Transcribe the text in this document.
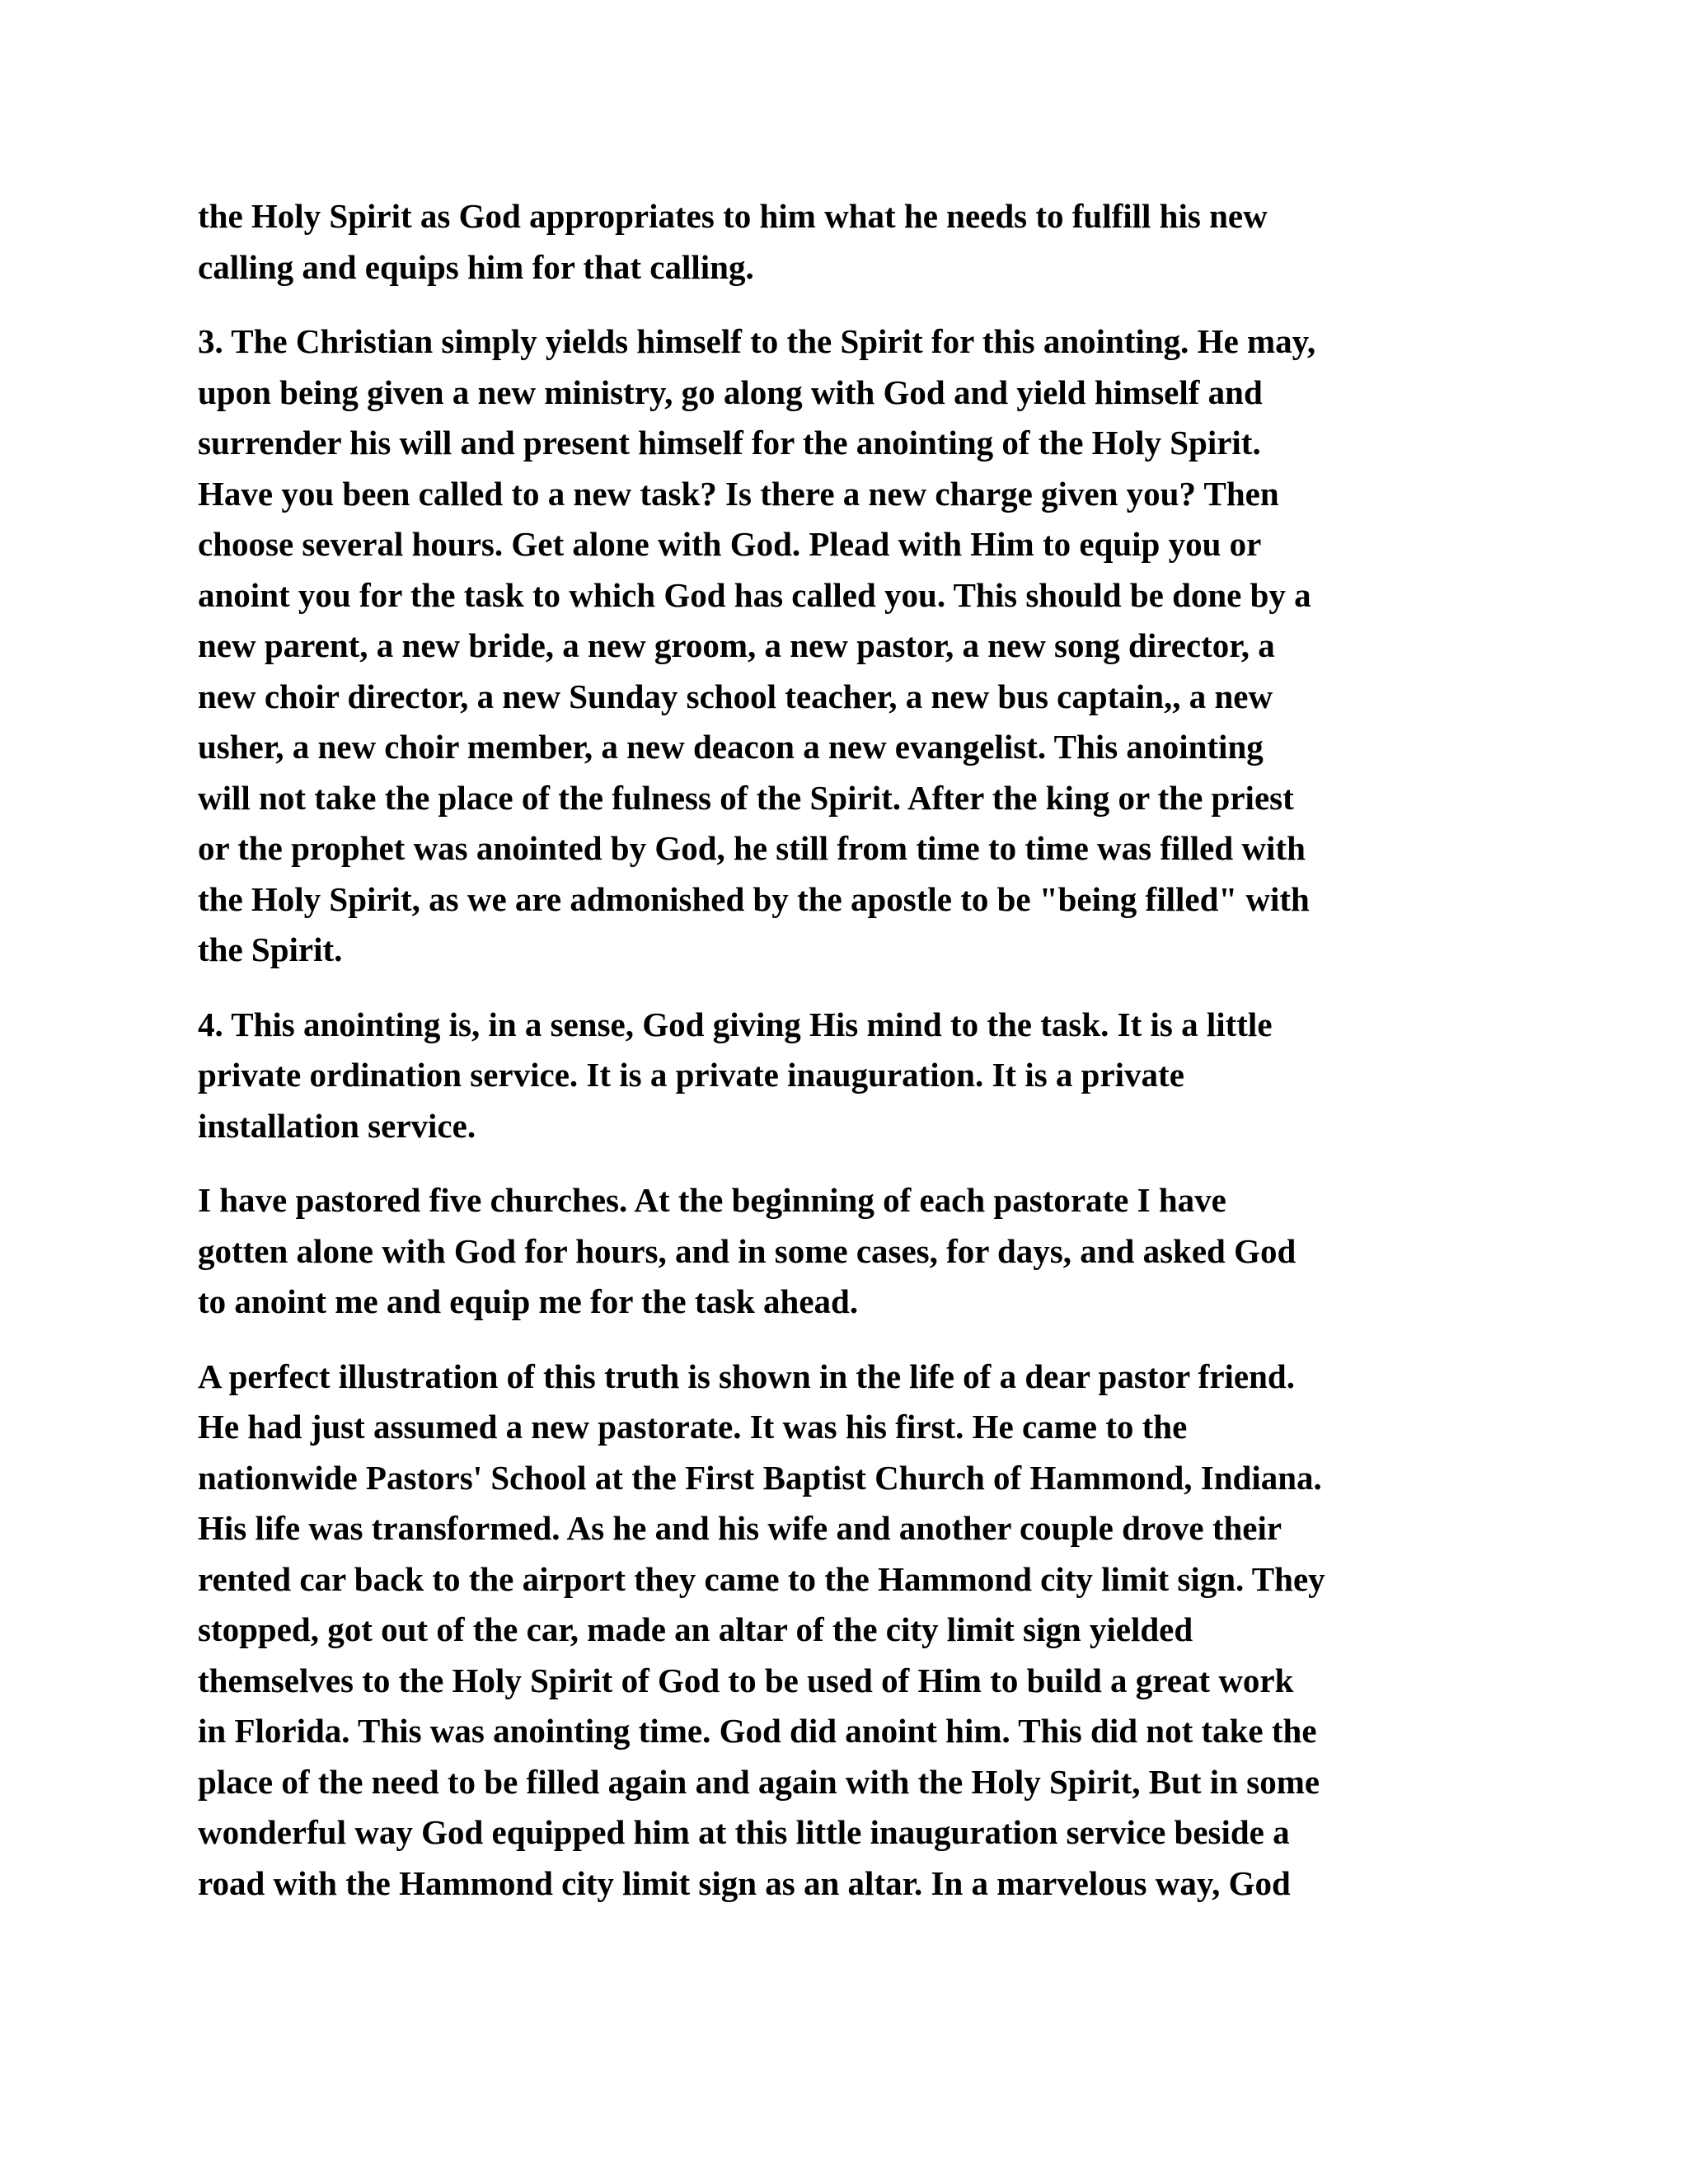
the Holy Spirit as God appropriates to him what he needs to fulfill his new
calling and equips him for that calling.

3. The Christian simply yields himself to the Spirit for this anointing. He may,
upon being given a new ministry, go along with God and yield himself and
surrender his will and present himself for the anointing of the Holy Spirit.
Have you been called to a new task? Is there a new charge given you? Then
choose several hours. Get alone with God. Plead with Him to equip you or
anoint you for the task to which God has called you. This should be done by a
new parent, a new bride, a new groom, a new pastor, a new song director, a
new choir director, a new Sunday school teacher, a new bus captain,, a new
usher, a new choir member, a new deacon a new evangelist. This anointing
will not take the place of the fulness of the Spirit. After the king or the priest
or the prophet was anointed by God, he still from time to time was filled with
the Holy Spirit, as we are admonished by the apostle to be "being filled" with
the Spirit.

4. This anointing is, in a sense, God giving His mind to the task. It is a little
private ordination service. It is a private inauguration. It is a private
installation service.

I have pastored five churches. At the beginning of each pastorate I have
gotten alone with God for hours, and in some cases, for days, and asked God
to anoint me and equip me for the task ahead.

A perfect illustration of this truth is shown in the life of a dear pastor friend.
He had just assumed a new pastorate. It was his first. He came to the
nationwide Pastors' School at the First Baptist Church of Hammond, Indiana.
His life was transformed. As he and his wife and another couple drove their
rented car back to the airport they came to the Hammond city limit sign. They
stopped, got out of the car, made an altar of the city limit sign yielded
themselves to the Holy Spirit of God to be used of Him to build a great work
in Florida. This was anointing time. God did anoint him. This did not take the
place of the need to be filled again and again with the Holy Spirit, But in some
wonderful way God equipped him at this little inauguration service beside a
road with the Hammond city limit sign as an altar. In a marvelous way, God
